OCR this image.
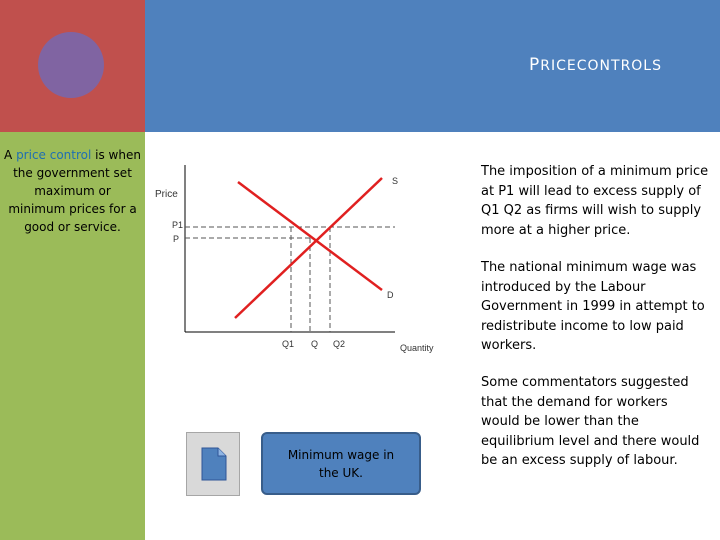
PRICECONTROLS
A price control is when the government set maximum or minimum prices for a good or service.
Price
P1
P
S
D
Q1 Q Q2	Quantity
The imposition of a minimum price at P1 will lead to excess supply of Q1 Q2 as firms will wish to supply more at a higher price.
The national minimum wage was introduced by the Labour Government in 1999 in attempt to redistribute income to low paid workers.
Some commentators suggested that the demand for workers would be lower than the equilibrium level and there would be an excess supply of labour.
Minimum wage in the UK.
